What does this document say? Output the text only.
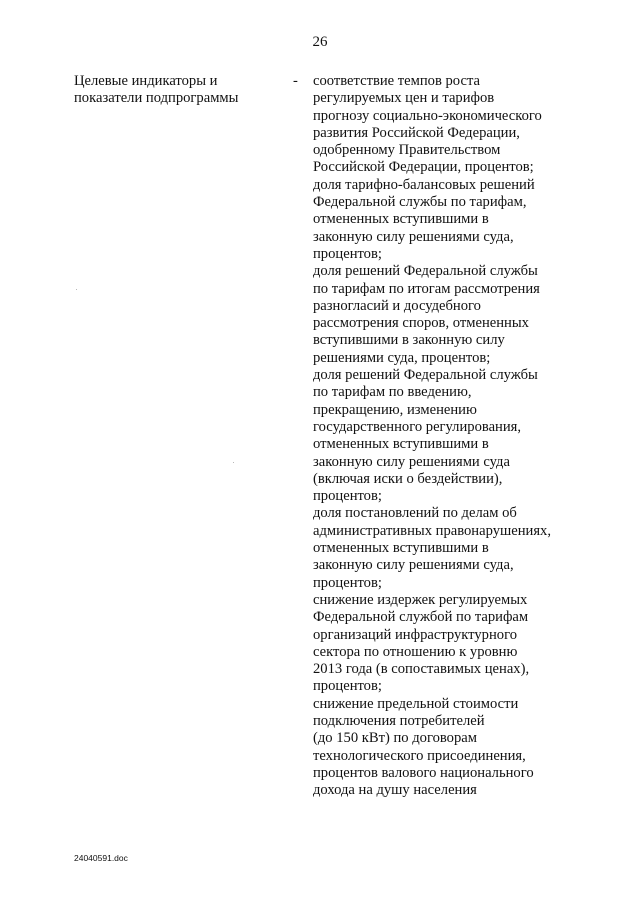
26
Целевые индикаторы и
показатели подпрограммы
- соответствие темпов роста
регулируемых цен и тарифов
прогнозу социально-экономического
развития Российской Федерации,
одобренному Правительством
Российской Федерации, процентов;
доля тарифно-балансовых решений
Федеральной службы по тарифам,
отмененных вступившими в
законную силу решениями суда,
процентов;
доля решений Федеральной службы
по тарифам по итогам рассмотрения
разногласий и досудебного
рассмотрения споров, отмененных
вступившими в законную силу
решениями суда, процентов;
доля решений Федеральной службы
по тарифам по введению,
прекращению, изменению
государственного регулирования,
отмененных вступившими в
законную силу решениями суда
(включая иски о бездействии),
процентов;
доля постановлений по делам об
административных правонарушениях,
отмененных вступившими в
законную силу решениями суда,
процентов;
снижение издержек регулируемых
Федеральной службой по тарифам
организаций инфраструктурного
сектора по отношению к уровню
2013 года (в сопоставимых ценах),
процентов;
снижение предельной стоимости
подключения потребителей
(до 150 кВт) по договорам
технологического присоединения,
процентов валового национального
дохода на душу населения
24040591.doc
